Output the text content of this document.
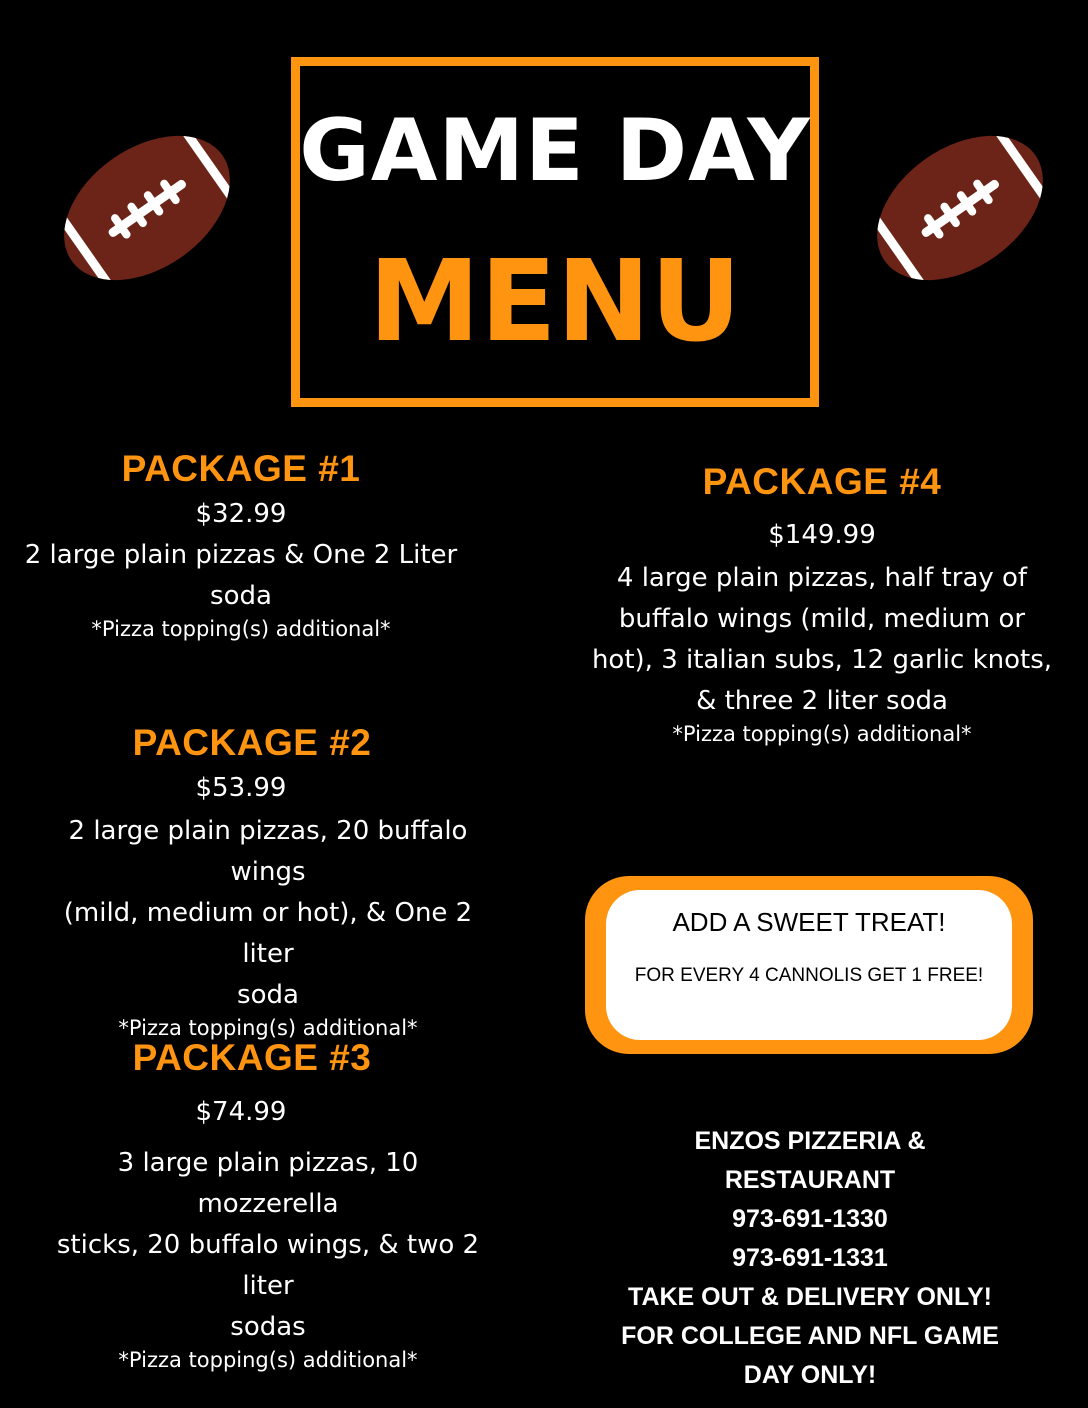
GAME DAY
MENU
PACKAGE #1
$32.99
2 large plain pizzas & One 2 Liter
soda
*Pizza topping(s) additional*
PACKAGE #2
$53.99
2 large plain pizzas, 20 buffalo wings
(mild, medium or hot), & One 2 liter
soda
*Pizza topping(s) additional*
PACKAGE #3
$74.99
3 large plain pizzas, 10 mozzerella
sticks, 20 buffalo wings, & two 2 liter
sodas
*Pizza topping(s) additional*
PACKAGE #4
$149.99
4 large plain pizzas, half tray of
buffalo wings (mild, medium or
hot), 3 italian subs, 12 garlic knots,
& three 2 liter soda
*Pizza topping(s) additional*
ADD A SWEET TREAT!
FOR EVERY 4 CANNOLIS GET 1 FREE!
ENZOS PIZZERIA &
RESTAURANT
973-691-1330
973-691-1331
TAKE OUT & DELIVERY ONLY!
FOR COLLEGE AND NFL GAME
DAY ONLY!
